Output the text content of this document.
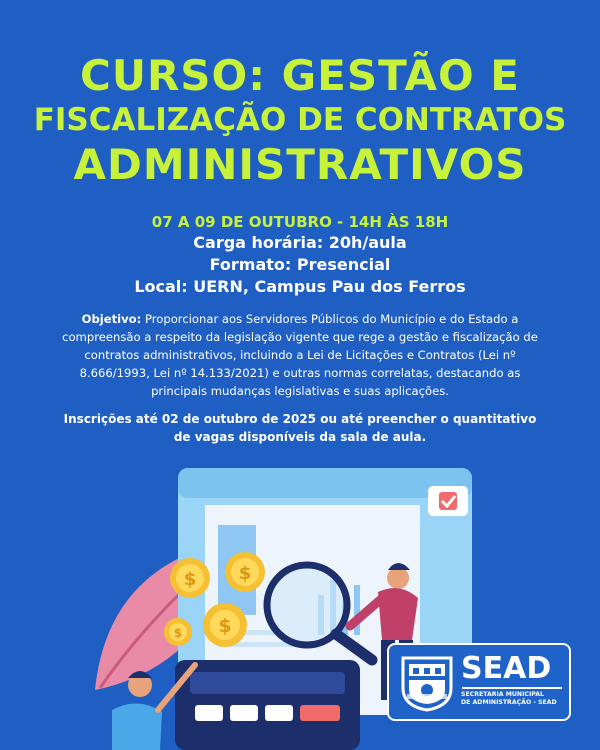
CURSO: GESTÃO E
FISCALIZAÇÃO DE CONTRATOS
ADMINISTRATIVOS
07 A 09 DE OUTUBRO - 14H ÀS 18H
Carga horária: 20h/aula
Formato: Presencial
Local: UERN, Campus Pau dos Ferros

Objetivo: Proporcionar aos Servidores Públicos do Município e do Estado a compreensão a respeito da legislação vigente que rege a gestão e fiscalização de contratos administrativos, incluindo a Lei de Licitações e Contratos (Lei nº 8.666/1993, Lei nº 14.133/2021) e outras normas correlatas, destacando as principais mudanças legislativas e suas aplicações.

Inscrições até 02 de outubro de 2025 ou até preencher o quantitativo de vagas disponíveis da sala de aula.

$ $
$
$
SEAD
SECRETARIA MUNICIPAL
DE ADMINISTRAÇÃO - SEAD
